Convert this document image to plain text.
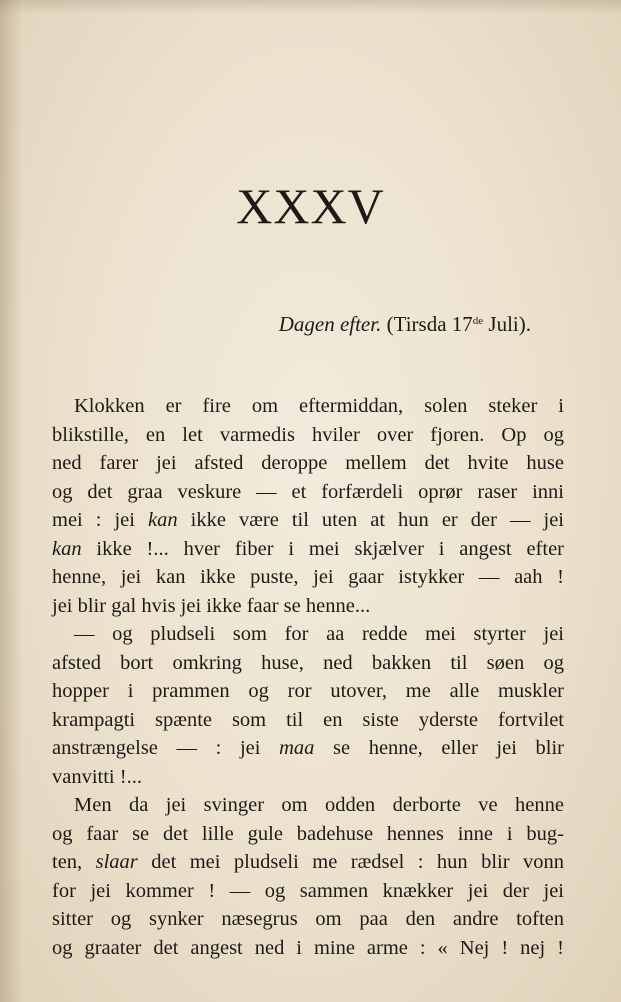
XXXV
Dagen efter. (Tirsda 17de Juli).
Klokken er fire om eftermiddan, solen steker i
blikstille, en let varmedis hviler over fjoren. Op og
ned farer jei afsted deroppe mellem det hvite huse
og det graa veskure — et forfærdeli oprør raser inni
mei : jei kan ikke være til uten at hun er der — jei
kan ikke !... hver fiber i mei skjælver i angest efter
henne, jei kan ikke puste, jei gaar istykker — aah !
jei blir gal hvis jei ikke faar se henne...
— og pludseli som for aa redde mei styrter jei
afsted bort omkring huse, ned bakken til søen og
hopper i prammen og ror utover, me alle muskler
krampagti spænte som til en siste yderste fortvilet
anstrængelse — : jei maa se henne, eller jei blir
vanvitti !...
Men da jei svinger om odden derborte ve henne
og faar se det lille gule badehuse hennes inne i bug-
ten, slaar det mei pludseli me rædsel : hun blir vonn
for jei kommer ! — og sammen knækker jei der jei
sitter og synker næsegrus om paa den andre toften
og graater det angest ned i mine arme : « Nej ! nej !
